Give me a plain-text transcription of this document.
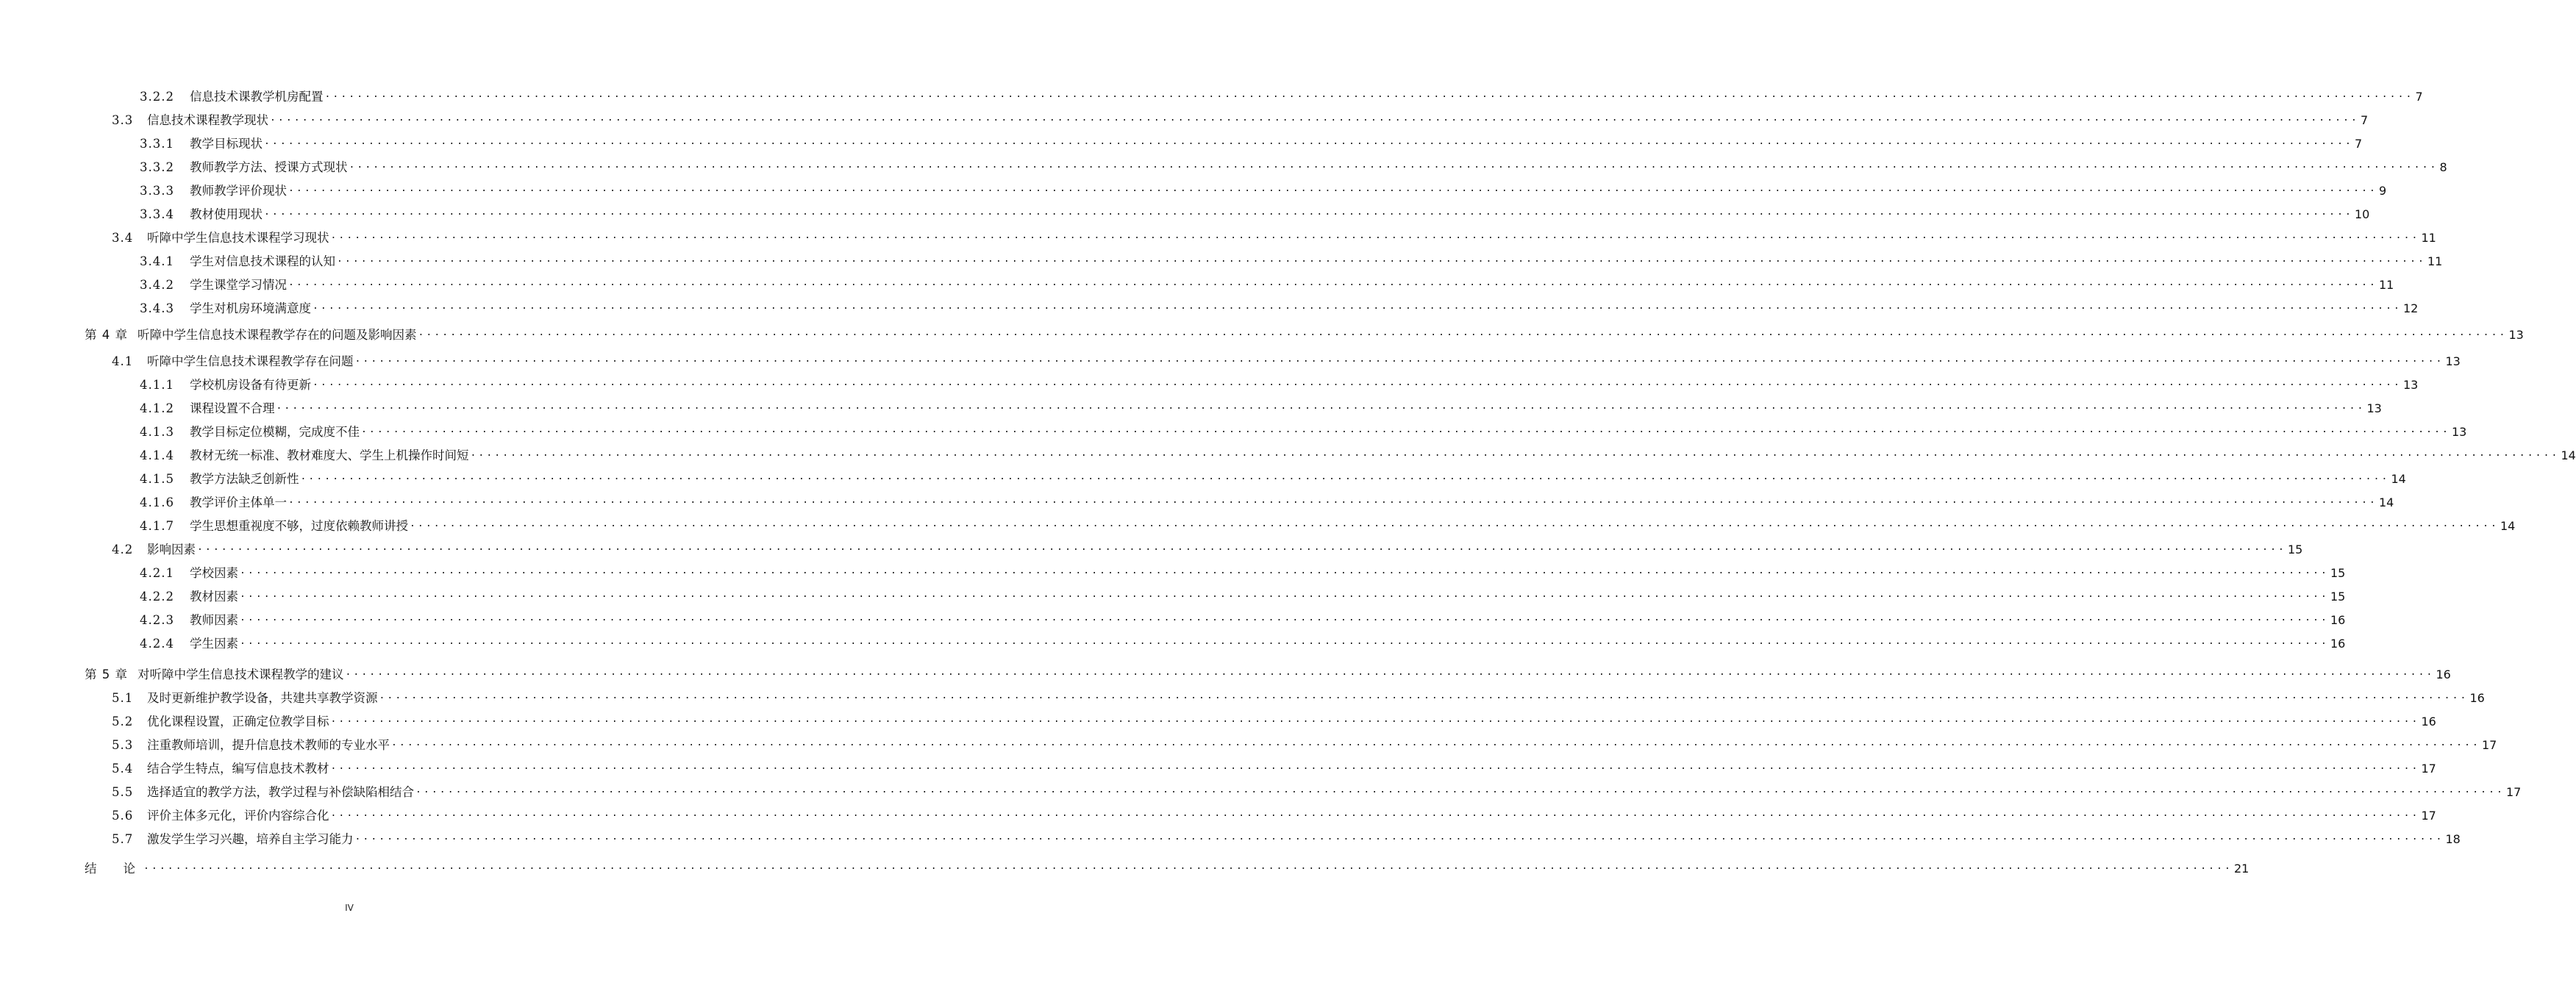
3.2.2	信息技术课教学机房配置 .................................................................................................................................................................................................................................................................... 7
3.3	信息技术课程教学现状 .................................................................................................................................................................................................................................................................... 7
3.3.1	教学目标现状 .................................................................................................................................................................................................................................................................... 7
3.3.2	教师教学方法、授课方式现状 .................................................................................................................................................................................................................................................................... 8
3.3.3	教师教学评价现状 .................................................................................................................................................................................................................................................................... 9
3.3.4	教材使用现状 .................................................................................................................................................................................................................................................................... 10
3.4	听障中学生信息技术课程学习现状 .................................................................................................................................................................................................................................................................... 11
3.4.1	学生对信息技术课程的认知 .................................................................................................................................................................................................................................................................... 11
3.4.2	学生课堂学习情况 .................................................................................................................................................................................................................................................................... 11
3.4.3	学生对机房环境满意度 .................................................................................................................................................................................................................................................................... 12
第 4 章 听障中学生信息技术课程教学存在的问题及影响因素 .................................................................................................................................................................................................................................................................... 13
4.1	听障中学生信息技术课程教学存在问题 .................................................................................................................................................................................................................................................................... 13
4.1.1	学校机房设备有待更新 .................................................................................................................................................................................................................................................................... 13
4.1.2	课程设置不合理 .................................................................................................................................................................................................................................................................... 13
4.1.3	教学目标定位模糊，完成度不佳 .................................................................................................................................................................................................................................................................... 13
4.1.4	教材无统一标准、教材难度大、学生上机操作时间短 .................................................................................................................................................................................................................................................................... 14
4.1.5	教学方法缺乏创新性 .................................................................................................................................................................................................................................................................... 14
4.1.6	教学评价主体单一 .................................................................................................................................................................................................................................................................... 14
4.1.7	学生思想重视度不够，过度依赖教师讲授 .................................................................................................................................................................................................................................................................... 14
4.2	影响因素 .................................................................................................................................................................................................................................................................... 15
4.2.1	学校因素 .................................................................................................................................................................................................................................................................... 15
4.2.2	教材因素 .................................................................................................................................................................................................................................................................... 15
4.2.3	教师因素 .................................................................................................................................................................................................................................................................... 16
4.2.4	学生因素 .................................................................................................................................................................................................................................................................... 16
第 5 章 对听障中学生信息技术课程教学的建议 .................................................................................................................................................................................................................................................................... 16
5.1	及时更新维护教学设备，共建共享教学资源 .................................................................................................................................................................................................................................................................... 16
5.2	优化课程设置，正确定位教学目标 .................................................................................................................................................................................................................................................................... 16
5.3	注重教师培训，提升信息技术教师的专业水平 .................................................................................................................................................................................................................................................................... 17
5.4	结合学生特点，编写信息技术教材 .................................................................................................................................................................................................................................................................... 17
5.5	选择适宜的教学方法，教学过程与补偿缺陷相结合 .................................................................................................................................................................................................................................................................... 17
5.6	评价主体多元化，评价内容综合化 .................................................................................................................................................................................................................................................................... 17
5.7	激发学生学习兴趣，培养自主学习能力 .................................................................................................................................................................................................................................................................... 18
结　　论 .................................................................................................................................................................................................................................................................... 21
IV
